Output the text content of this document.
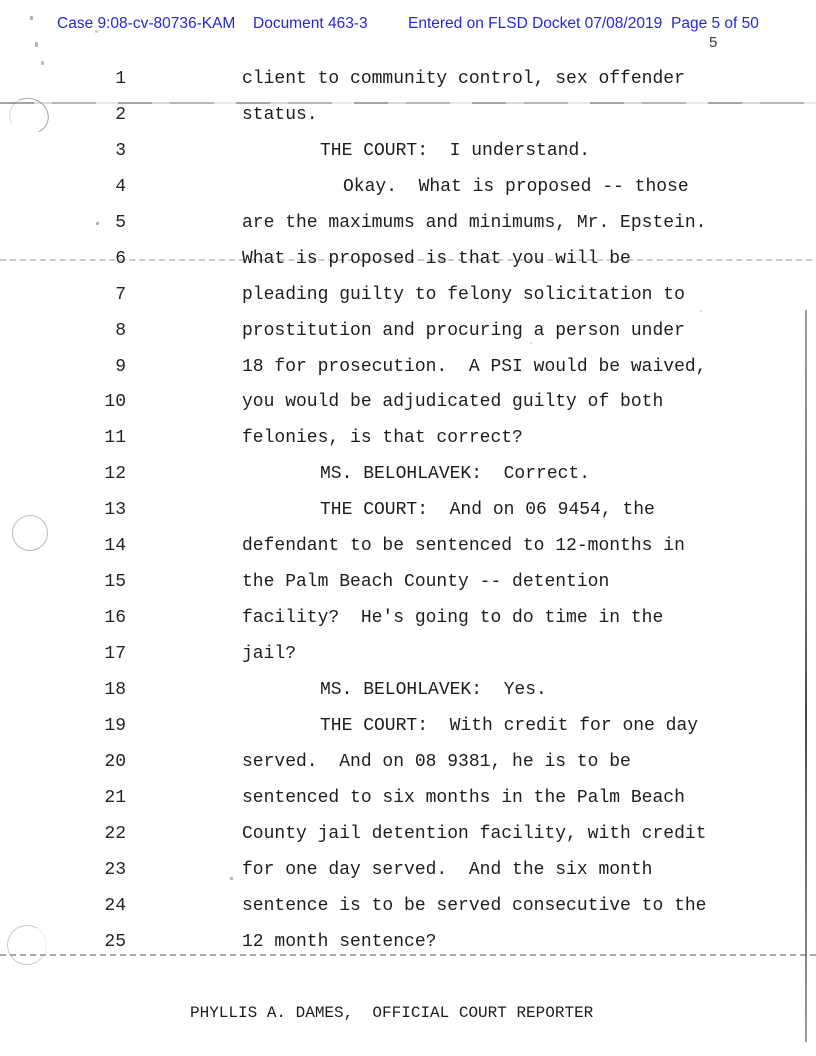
Case 9:08-cv-80736-KAM Document 463-3	Entered on FLSD Docket 07/08/2019 Page 5 of 50
5
1	client to community control, sex offender
2	status.
3	THE COURT:  I understand.
4	Okay.  What is proposed -- those
5	are the maximums and minimums, Mr. Epstein.
6	What is proposed is that you will be
7	pleading guilty to felony solicitation to
8	prostitution and procuring a person under
9	18 for prosecution.  A PSI would be waived,
10	you would be adjudicated guilty of both
11	felonies, is that correct?
12	MS. BELOHLAVEK:  Correct.
13	THE COURT:  And on 06 9454, the
14	defendant to be sentenced to 12-months in
15	the Palm Beach County -- detention
16	facility?  He's going to do time in the
17	jail?
18	MS. BELOHLAVEK:  Yes.
19	THE COURT:  With credit for one day
20	served.  And on 08 9381, he is to be
21	sentenced to six months in the Palm Beach
22	County jail detention facility, with credit
23	for one day served.  And the six month
24	sentence is to be served consecutive to the
25	12 month sentence?
PHYLLIS A. DAMES,  OFFICIAL COURT REPORTER
